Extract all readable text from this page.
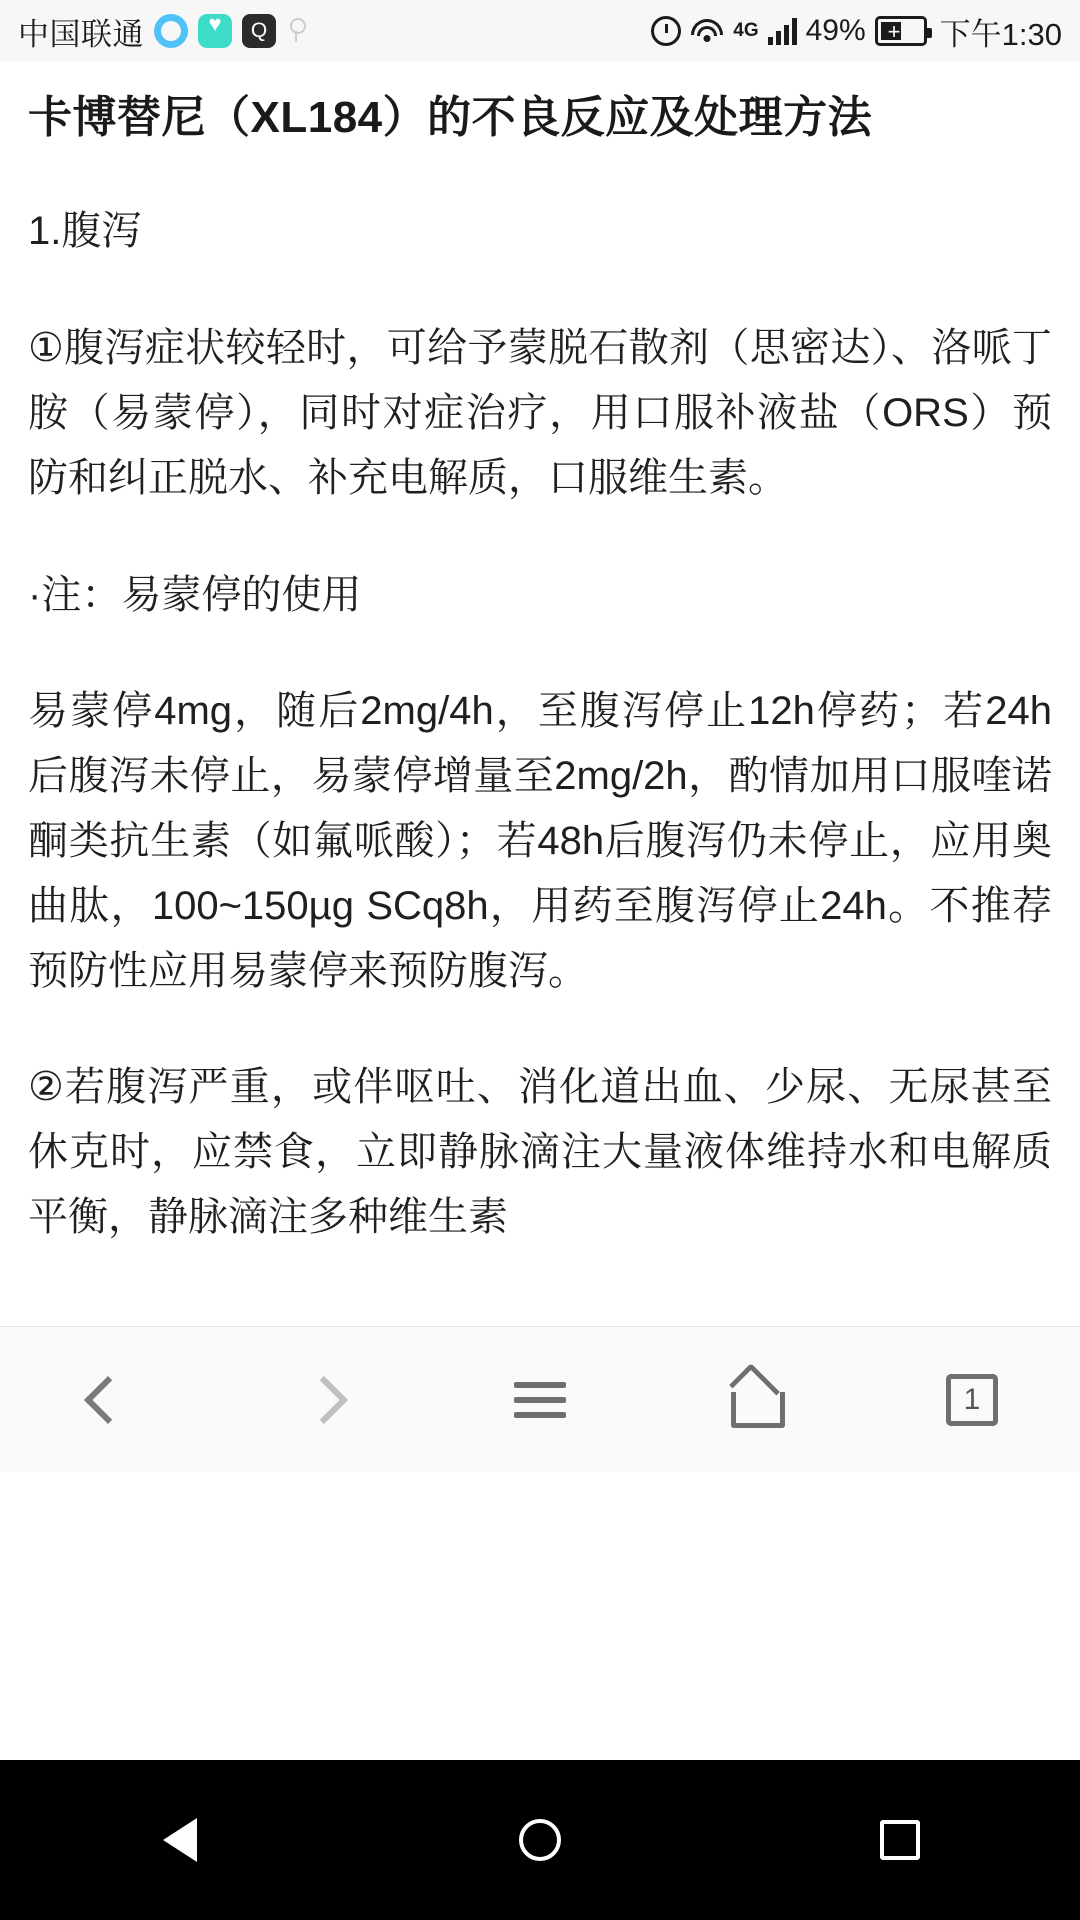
中国联通 ♥	Q	4G 49% + 下午1:30
卡博替尼（XL184）的不良反应及处理方法

1.腹泻

①腹泻症状较轻时，可给予蒙脱石散剂（思密达）、洛哌丁胺（易蒙停），同时对症治疗，用口服补液盐（ORS）预防和纠正脱水、补充电解质，口服维生素。

·注：易蒙停的使用

易蒙停4mg，随后2mg/4h，至腹泻停止12h停药；若24h后腹泻未停止，易蒙停增量至2mg/2h，酌情加用口服喹诺酮类抗生素（如氟哌酸）；若48h后腹泻仍未停止，应用奥曲肽，100~150µg SCq8h，用药至腹泻停止24h。不推荐预防性应用易蒙停来预防腹泻。

②若腹泻严重，或伴呕吐、消化道出血、少尿、无尿甚至休克时，应禁食，立即静脉滴注大量液体维持水和电解质平衡，静脉滴注多种维生素

1
